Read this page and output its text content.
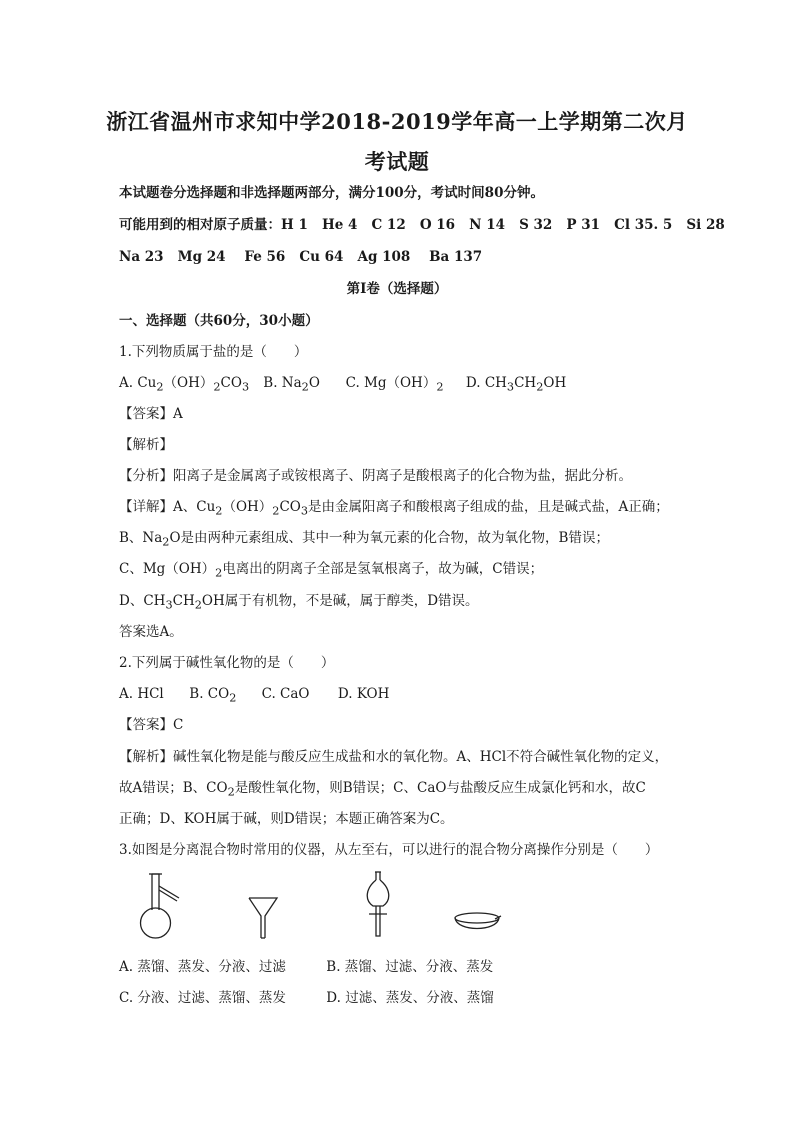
浙江省温州市求知中学2018-2019学年高一上学期第二次月
考试题
本试题卷分选择题和非选择题两部分，满分100分，考试时间80分钟。
可能用到的相对原子质量：H 1   He 4   C 12   O 16   N 14   S 32   P 31   Cl 35. 5   Si 28
Na 23   Mg 24    Fe 56   Cu 64   Ag 108    Ba 137
第Ⅰ卷（选择题）
一、选择题（共60分，30小题）
1.下列物质属于盐的是（　　）
A. $Cu_2(OH)_2CO_3$ B. $Na_2O$ C. $Mg(OH)_2$ D. $CH_3CH_2OH$
【答案】A
【解析】
【分析】阳离子是金属离子或铵根离子、阴离子是酸根离子的化合物为盐，据此分析。
【详解】A、$Cu_2(OH)_2CO_3$是由金属阳离子和酸根离子组成的盐，且是碱式盐，A正确；
B、$Na_2O$是由两种元素组成、其中一种为氧元素的化合物，故为氧化物，B错误；
C、$Mg(OH)_2$电离出的阴离子全部是氢氧根离子，故为碱，C错误；
D、$CH_3CH_2OH$属于有机物，不是碱，属于醇类，D错误。
答案选A。
2.下列属于碱性氧化物的是（　　）
A. HCl B. $CO_2$ C. CaO D. KOH
【答案】C
【解析】碱性氧化物是能与酸反应生成盐和水的氧化物。A、HCl不符合碱性氧化物的定义，
故A错误；B、$CO_2$是酸性氧化物，则B错误；C、CaO与盐酸反应生成氯化钙和水，故C
正确；D、KOH属于碱，则D错误；本题正确答案为C。
3.如图是分离混合物时常用的仪器，从左至右，可以进行的混合物分离操作分别是（　　）
A. 蒸馏、蒸发、分液、过滤	B. 蒸馏、过滤、分液、蒸发
C. 分液、过滤、蒸馏、蒸发	D. 过滤、蒸发、分液、蒸馏
